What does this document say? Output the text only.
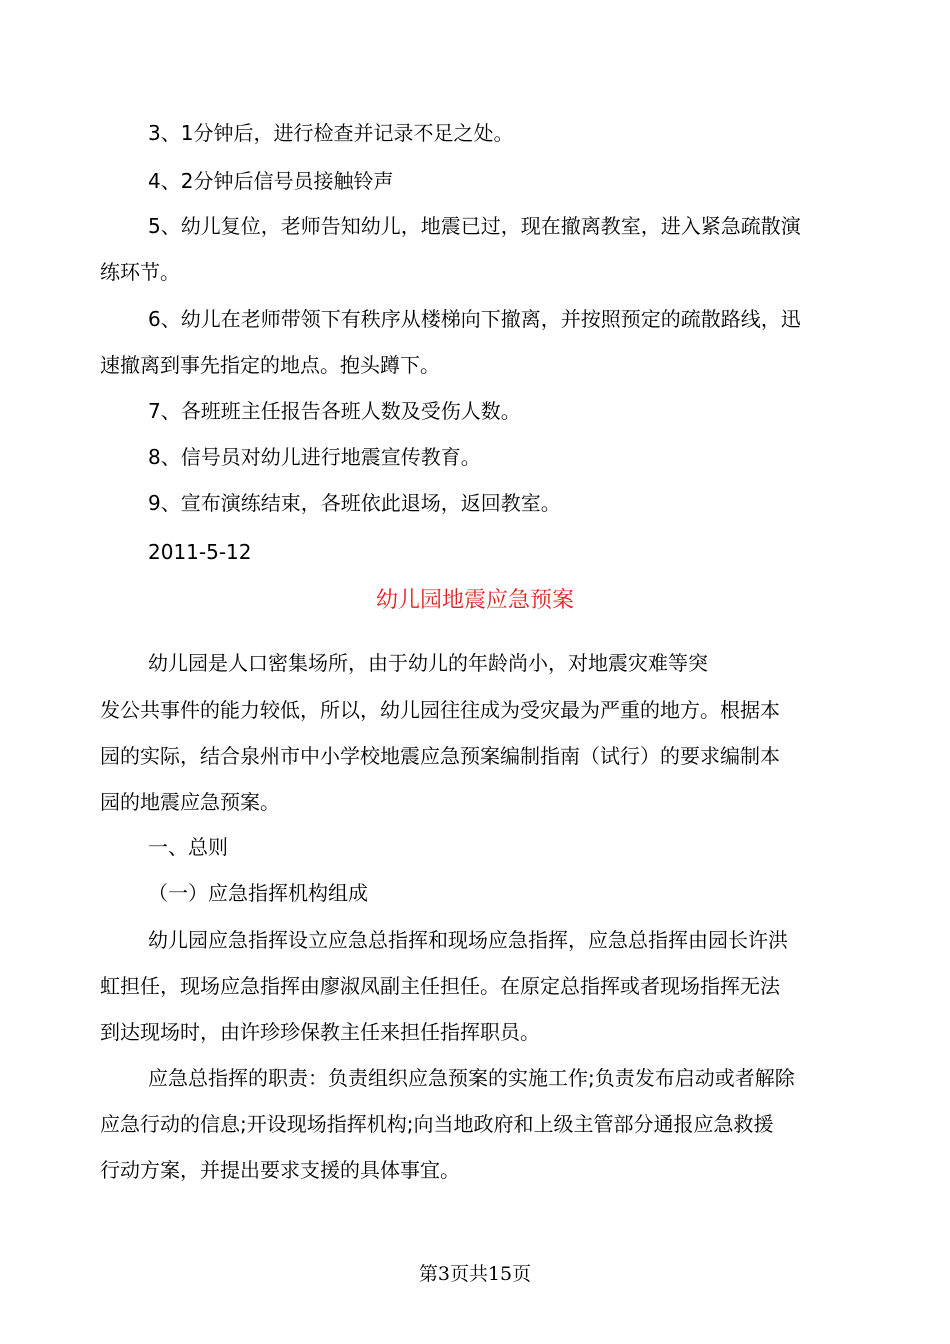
3、1分钟后，进行检查并记录不足之处。
4、2分钟后信号员接触铃声
5、幼儿复位，老师告知幼儿，地震已过，现在撤离教室，进入紧急疏散演
练环节。
6、幼儿在老师带领下有秩序从楼梯向下撤离，并按照预定的疏散路线，迅
速撤离到事先指定的地点。抱头蹲下。
7、各班班主任报告各班人数及受伤人数。
8、信号员对幼儿进行地震宣传教育。
9、宣布演练结束，各班依此退场，返回教室。
2011-5-12
幼儿园地震应急预案
幼儿园是人口密集场所，由于幼儿的年龄尚小，对地震灾难等突
发公共事件的能力较低，所以，幼儿园往往成为受灾最为严重的地方。根据本
园的实际，结合泉州市中小学校地震应急预案编制指南（试行）的要求编制本
园的地震应急预案。
一、总则
（一）应急指挥机构组成
幼儿园应急指挥设立应急总指挥和现场应急指挥，应急总指挥由园长许洪
虹担任，现场应急指挥由廖淑凤副主任担任。在原定总指挥或者现场指挥无法
到达现场时，由许珍珍保教主任来担任指挥职员。
应急总指挥的职责：负责组织应急预案的实施工作;负责发布启动或者解除
应急行动的信息;开设现场指挥机构;向当地政府和上级主管部分通报应急救援
行动方案，并提出要求支援的具体事宜。
第3页共15页
